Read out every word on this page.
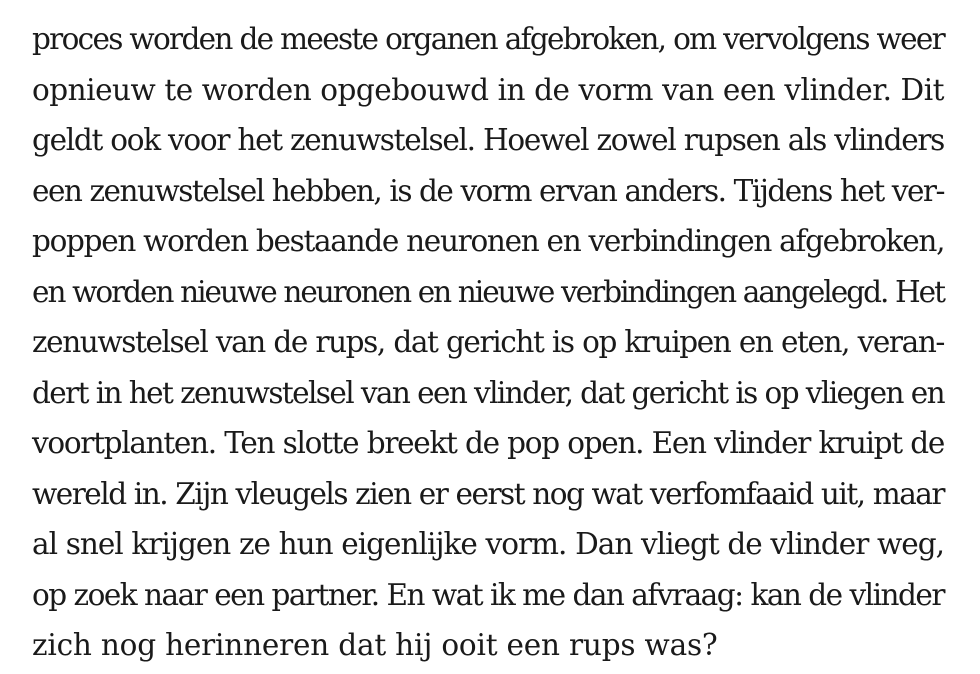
proces worden de meeste organen afgebroken, om vervolgens weer
opnieuw te worden opgebouwd in de vorm van een vlinder. Dit
geldt ook voor het zenuwstelsel. Hoewel zowel rupsen als vlinders
een zenuwstelsel hebben, is de vorm ervan anders. Tijdens het ver-
poppen worden bestaande neuronen en verbindingen afgebroken,
en worden nieuwe neuronen en nieuwe verbindingen aangelegd. Het
zenuwstelsel van de rups, dat gericht is op kruipen en eten, veran-
dert in het zenuwstelsel van een vlinder, dat gericht is op vliegen en
voortplanten. Ten slotte breekt de pop open. Een vlinder kruipt de
wereld in. Zijn vleugels zien er eerst nog wat verfomfaaid uit, maar
al snel krijgen ze hun eigenlijke vorm. Dan vliegt de vlinder weg,
op zoek naar een partner. En wat ik me dan afvraag: kan de vlinder
zich nog herinneren dat hij ooit een rups was?
